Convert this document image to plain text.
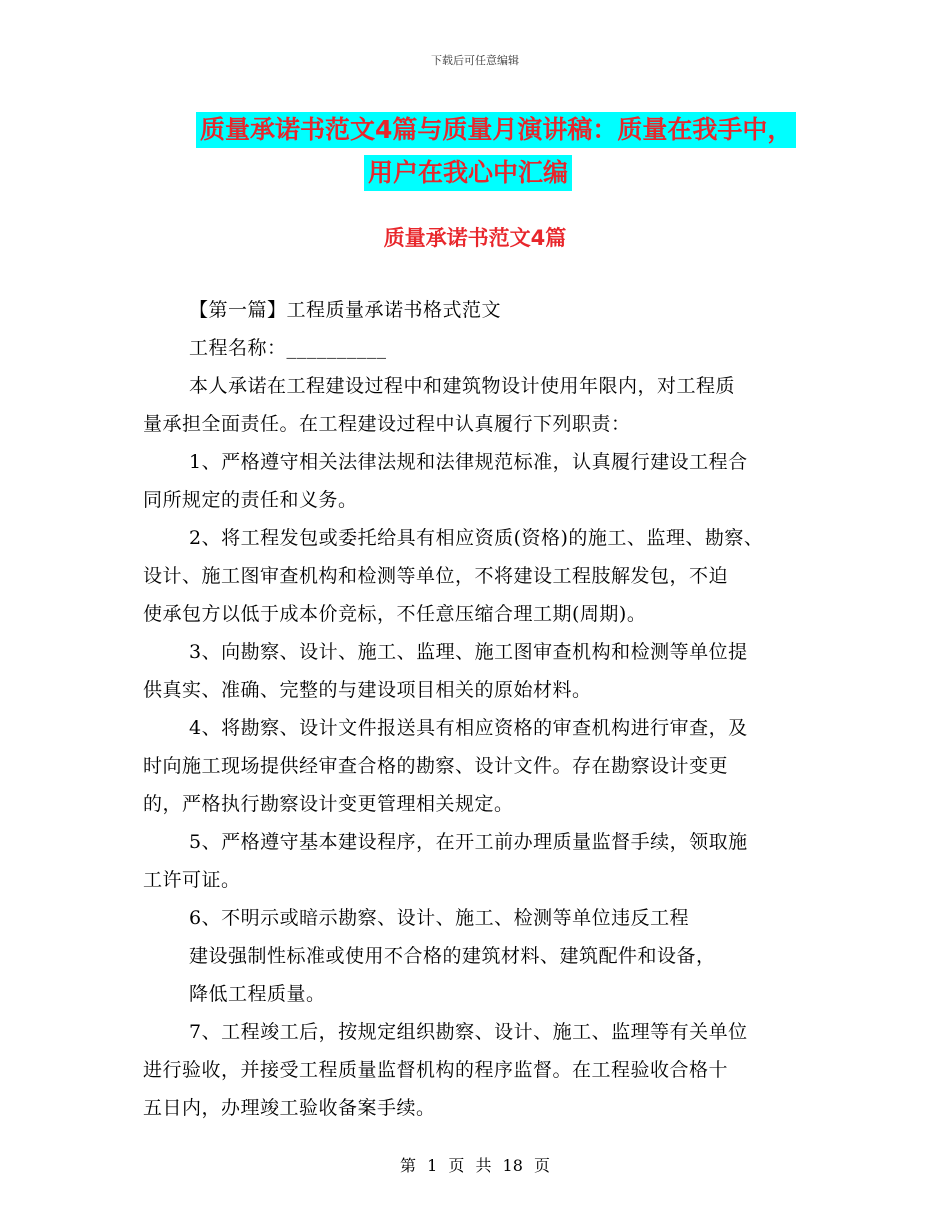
下载后可任意编辑
质量承诺书范文4篇与质量月演讲稿：质量在我手中，
用户在我心中汇编
质量承诺书范文4篇

【第一篇】工程质量承诺书格式范文

工程名称：__________

本人承诺在工程建设过程中和建筑物设计使用年限内，对工程质

量承担全面责任。在工程建设过程中认真履行下列职责：

1、严格遵守相关法律法规和法律规范标准，认真履行建设工程合

同所规定的责任和义务。

2、将工程发包或委托给具有相应资质(资格)的施工、监理、勘察、

设计、施工图审查机构和检测等单位，不将建设工程肢解发包，不迫

使承包方以低于成本价竞标，不任意压缩合理工期(周期)。

3、向勘察、设计、施工、监理、施工图审查机构和检测等单位提

供真实、准确、完整的与建设项目相关的原始材料。

4、将勘察、设计文件报送具有相应资格的审查机构进行审查，及

时向施工现场提供经审查合格的勘察、设计文件。存在勘察设计变更

的，严格执行勘察设计变更管理相关规定。

5、严格遵守基本建设程序，在开工前办理质量监督手续，领取施

工许可证。

6、不明示或暗示勘察、设计、施工、检测等单位违反工程

建设强制性标准或使用不合格的建筑材料、建筑配件和设备，

降低工程质量。

7、工程竣工后，按规定组织勘察、设计、施工、监理等有关单位

进行验收，并接受工程质量监督机构的程序监督。在工程验收合格十

五日内，办理竣工验收备案手续。

第 1 页 共 18 页
